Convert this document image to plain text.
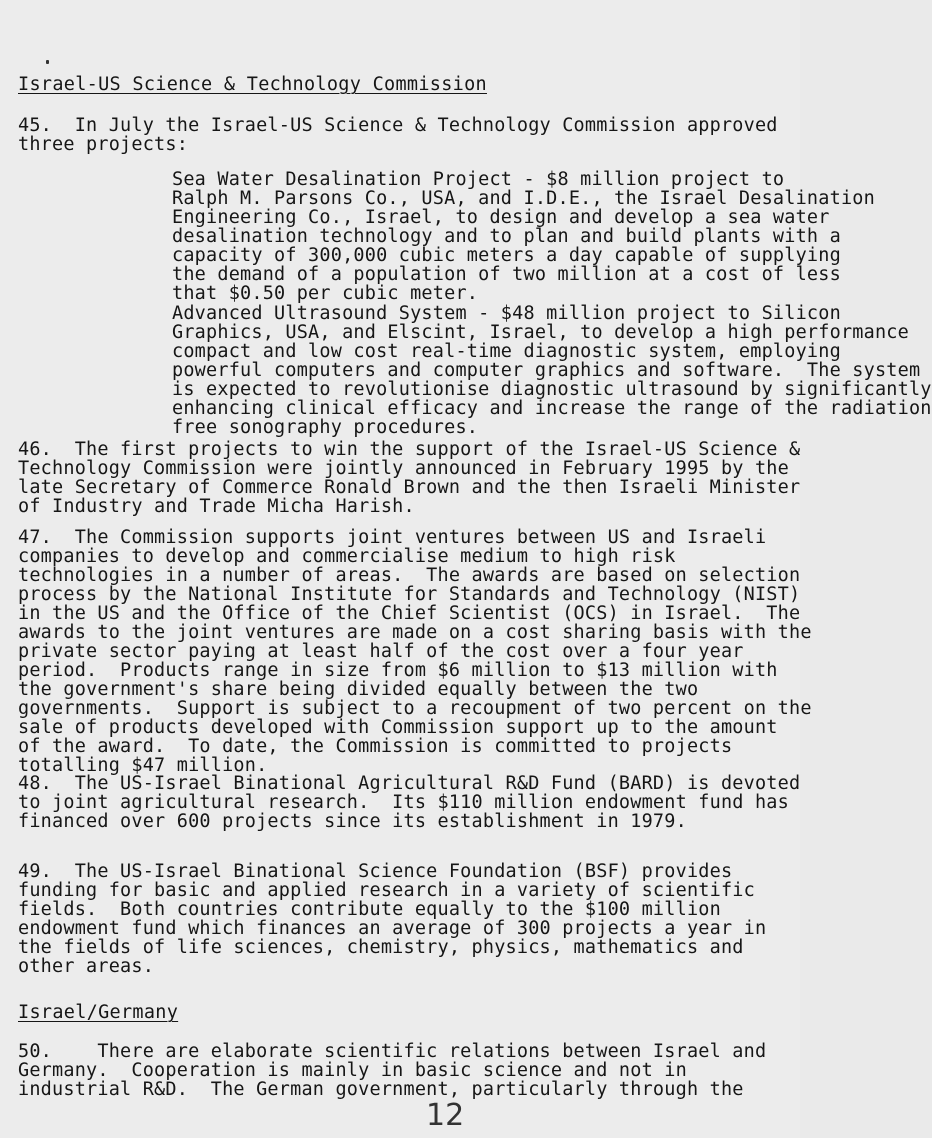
Israel-US Science & Technology Commission
45.  In July the Israel-US Science & Technology Commission approved
three projects:
Sea Water Desalination Project - $8 million project to
Ralph M. Parsons Co., USA, and I.D.E., the Israel Desalination
Engineering Co., Israel, to design and develop a sea water
desalination technology and to plan and build plants with a
capacity of 300,000 cubic meters a day capable of supplying
the demand of a population of two million at a cost of less
that $0.50 per cubic meter.
Advanced Ultrasound System - $48 million project to Silicon
Graphics, USA, and Elscint, Israel, to develop a high performance
compact and low cost real-time diagnostic system, employing
powerful computers and computer graphics and software.  The system
is expected to revolutionise diagnostic ultrasound by significantly
enhancing clinical efficacy and increase the range of the radiation
free sonography procedures.
46.  The first projects to win the support of the Israel-US Science &
Technology Commission were jointly announced in February 1995 by the
late Secretary of Commerce Ronald Brown and the then Israeli Minister
of Industry and Trade Micha Harish.
47.  The Commission supports joint ventures between US and Israeli
companies to develop and commercialise medium to high risk
technologies in a number of areas.  The awards are based on selection
process by the National Institute for Standards and Technology (NIST)
in the US and the Office of the Chief Scientist (OCS) in Israel.  The
awards to the joint ventures are made on a cost sharing basis with the
private sector paying at least half of the cost over a four year
period.  Products range in size from $6 million to $13 million with
the government's share being divided equally between the two
governments.  Support is subject to a recoupment of two percent on the
sale of products developed with Commission support up to the amount
of the award.  To date, the Commission is committed to projects
totalling $47 million.
48.  The US-Israel Binational Agricultural R&D Fund (BARD) is devoted
to joint agricultural research.  Its $110 million endowment fund has
financed over 600 projects since its establishment in 1979.
49.  The US-Israel Binational Science Foundation (BSF) provides
funding for basic and applied research in a variety of scientific
fields.  Both countries contribute equally to the $100 million
endowment fund which finances an average of 300 projects a year in
the fields of life sciences, chemistry, physics, mathematics and
other areas.
Israel/Germany
50.    There are elaborate scientific relations between Israel and
Germany.  Cooperation is mainly in basic science and not in
industrial R&D.  The German government, particularly through the
12
